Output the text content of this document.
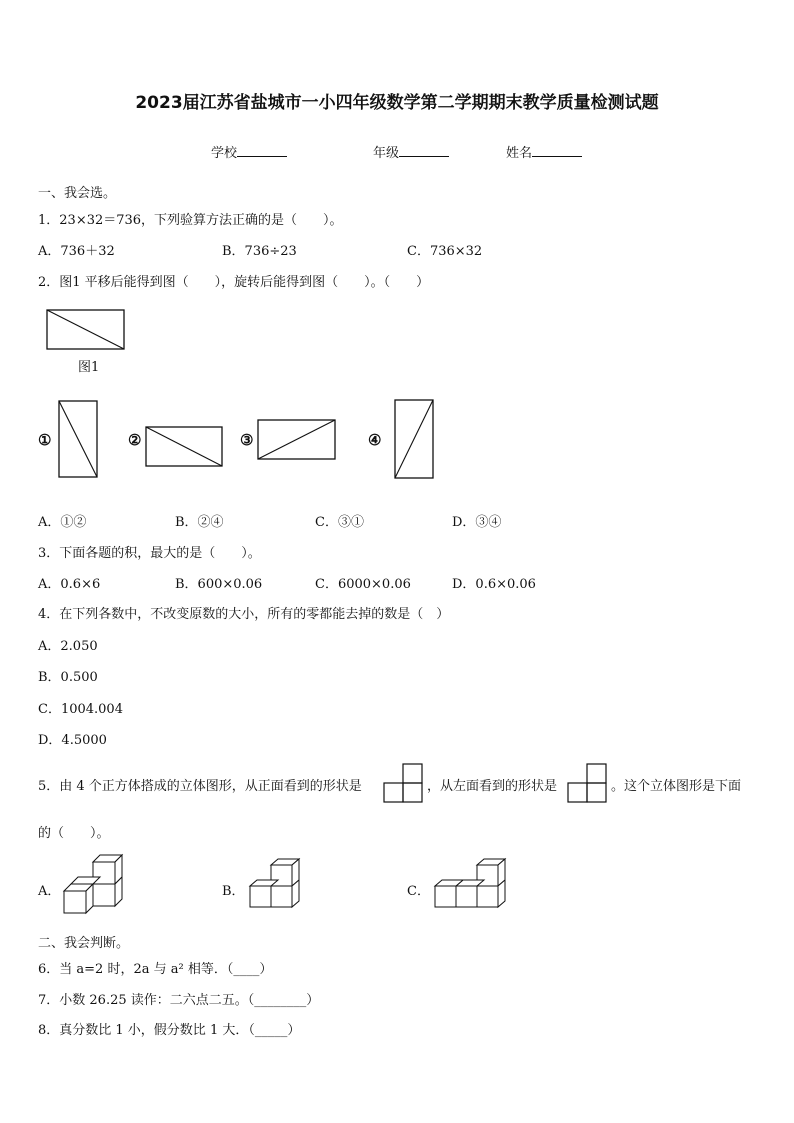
2023届江苏省盐城市一小四年级数学第二学期期末教学质量检测试题
学校	年级	姓名
一、我会选。
1．23×32＝736，下列验算方法正确的是（　　）。
A．736＋32	B．736÷23	C．736×32
2．图1 平移后能得到图（　　），旋转后能得到图（　　）。（　　）
图1
①	②	③	④
A．①②	B．②④	C．③①	D．③④
3．下面各题的积，最大的是（　　）。
A．0.6×6	B．600×0.06	C．6000×0.06	D．0.6×0.06
4．在下列各数中，不改变原数的大小，所有的零都能去掉的数是（　）
A．2.050
B．0.500
C．1004.004
D．4.5000
5．由 4 个正方体搭成的立体图形，从正面看到的形状是	，从左面看到的形状是	。这个立体图形是下面
的（　　）。
A．	B．	C．
二、我会判断。
6．当 a=2 时，2a 与 a² 相等．（____）
7．小数 26.25 读作：二六点二五。（________）
8．真分数比 1 小，假分数比 1 大．（_____）
